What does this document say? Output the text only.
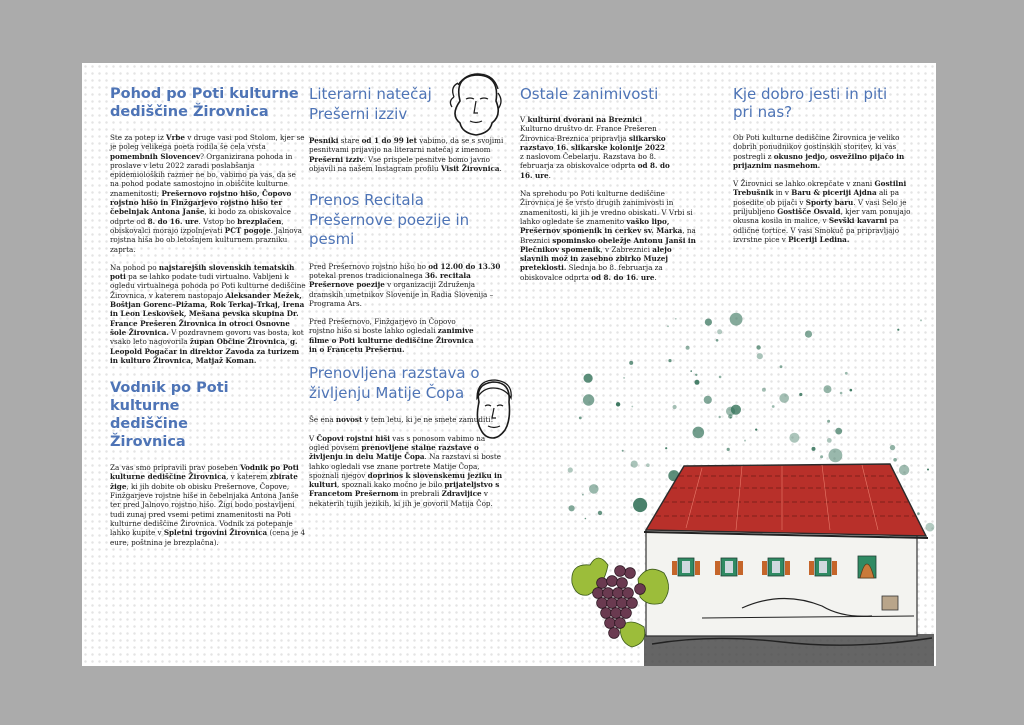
Pohod po Poti kulturne dediščine Žirovnica

Ste za potep iz Vrbe v druge vasi pod Stolom, kjer se je poleg velikega poeta rodila še cela vrsta pomembnih Slovencev? Organizirana pohoda in proslave v letu 2022 zaradi poslabšanja epidemioloških razmer ne bo, vabimo pa vas, da se na pohod podate samostojno in obiščite kulturne znamenitosti; Prešernovo rojstno hišo, Čopovo rojstno hišo in Finžgarjevo rojstno hišo ter čebelnjak Antona Janše, ki bodo za obiskovalce odprte od 8. do 16. ure. Vstop bo brezplačen, obiskovalci morajo izpolnjevati PCT pogoje. Jalnova rojstna hiša bo ob letošnjem kulturnem prazniku zaprta.

Na pohod po najstarejših slovenskih tematskih poti pa se lahko podate tudi virtualno. Vabljeni k ogledu virtualnega pohoda po Poti kulturne dediščine Žirovnica, v katerem nastopajo Aleksander Mežek, Boštjan Gorenc–Pižama, Rok Terkaj–Trkaj, Irena in Leon Leskovšek, Mešana pevska skupina Dr. France Prešeren Žirovnica in otroci Osnovne šole Žirovnica. V pozdravnem govoru vas bosta, kot vsako leto nagovorila župan Občine Žirovnica, g. Leopold Pogačar in direktor Zavoda za turizem in kulturo Žirovnica, Matjaž Koman.

Vodnik po Poti kulturne dediščine Žirovnica

Za vas smo pripravili prav poseben Vodnik po Poti kulturne dediščine Žirovnica, v katerem zbirate žige, ki jih dobite ob obisku Prešernove, Čopove, Finžgarjeve rojstne hiše in čebelnjaka Antona Janše ter pred Jalnovo rojstno hišo. Žigi bodo postavljeni tudi zunaj pred vsemi petimi znamenitosti na Poti kulturne dediščine Žirovnica. Vodnik za potepanje lahko kupite v Spletni trgovini Žirovnica (cena je 4 eure, poštnina je brezplačna).

Literarni natečaj Prešerni izziv

Pesniki stare od 1 do 99 let vabimo, da se s svojimi pesnitvami prijavijo na literarni natečaj z imenom Prešerni izziv. Vse prispele pesnitve bomo javno objavili na našem Instagram profilu Visit Žirovnica.

Prenos Recitala Prešernove poezije in pesmi

Pred Prešernovo rojstno hišo bo od 12.00 do 13.30 potekal prenos tradicionalnega 36. recitala Prešernove poezije v organizaciji Združenja dramskih umetnikov Slovenije in Radia Slovenija – Programa Ars.

Pred Prešernovo, Finžgarjevo in Čopovo rojstno hišo si boste lahko ogledali zanimive filme o Poti kulturne dediščine Žirovnica in o Francetu Prešernu.

Prenovljena razstava o življenju Matije Čopa

Še ena novost v tem letu, ki je ne smete zamuditi!

V Čopovi rojstni hiši vas s ponosom vabimo na ogled povsem prenovljene stalne razstave o življenju in delu Matije Čopa. Na razstavi si boste lahko ogledali vse znane portrete Matije Čopa, spoznali njegov doprinos k slovenskemu jeziku in kulturi, spoznali kako močno je bilo prijateljstvo s Francetom Prešernom in prebrali Zdravljice v nekaterih tujih jezikih, ki jih je govoril Matija Čop.

Ostale zanimivosti

V kulturni dvorani na Breznici Kulturno društvo dr. France Prešeren Žirovnica-Breznica pripravlja slikarsko razstavo 16. slikarske kolonije 2022 z naslovom Čebelarju. Razstava bo 8. februarja za obiskovalce odprta od 8. do 16. ure.

Na sprehodu po Poti kulturne dediščine Žirovnica je še vrsto drugih zanimivosti in znamenitosti, ki jih je vredno obiskati. V Vrbi si lahko ogledate še znamenito vaško lipo, Prešernov spomenik in cerkev sv. Marka, na Breznici spominsko obeležje Antonu Janši in Plečnikov spomenik, v Zabreznici alejo slavnih mož in zasebno zbirko Muzej preteklosti. Slednja bo 8. februarja za obiskovalce odprta od 8. do 16. ure.

Kje dobro jesti in piti pri nas?

Ob Poti kulturne dediščine Žirovnica je veliko dobrih ponudnikov gostinskih storitev, ki vas postregli z okusno jedjo, osvežilno pijačo in prijaznim nasmehom.

V Žirovnici se lahko okrepčate v znani Gostilni Trebušnik in v Baru & piceriji Ajdna ali pa posedite ob pijači v Sporty baru. V vasi Selo je priljubljeno Gostišče Osvald, kjer vam ponujajo okusna kosila in malice, v Sevški kavarni pa odlične tortice. V vasi Smokuč pa pripravljajo izvrstne pice v Piceriji Ledina.
